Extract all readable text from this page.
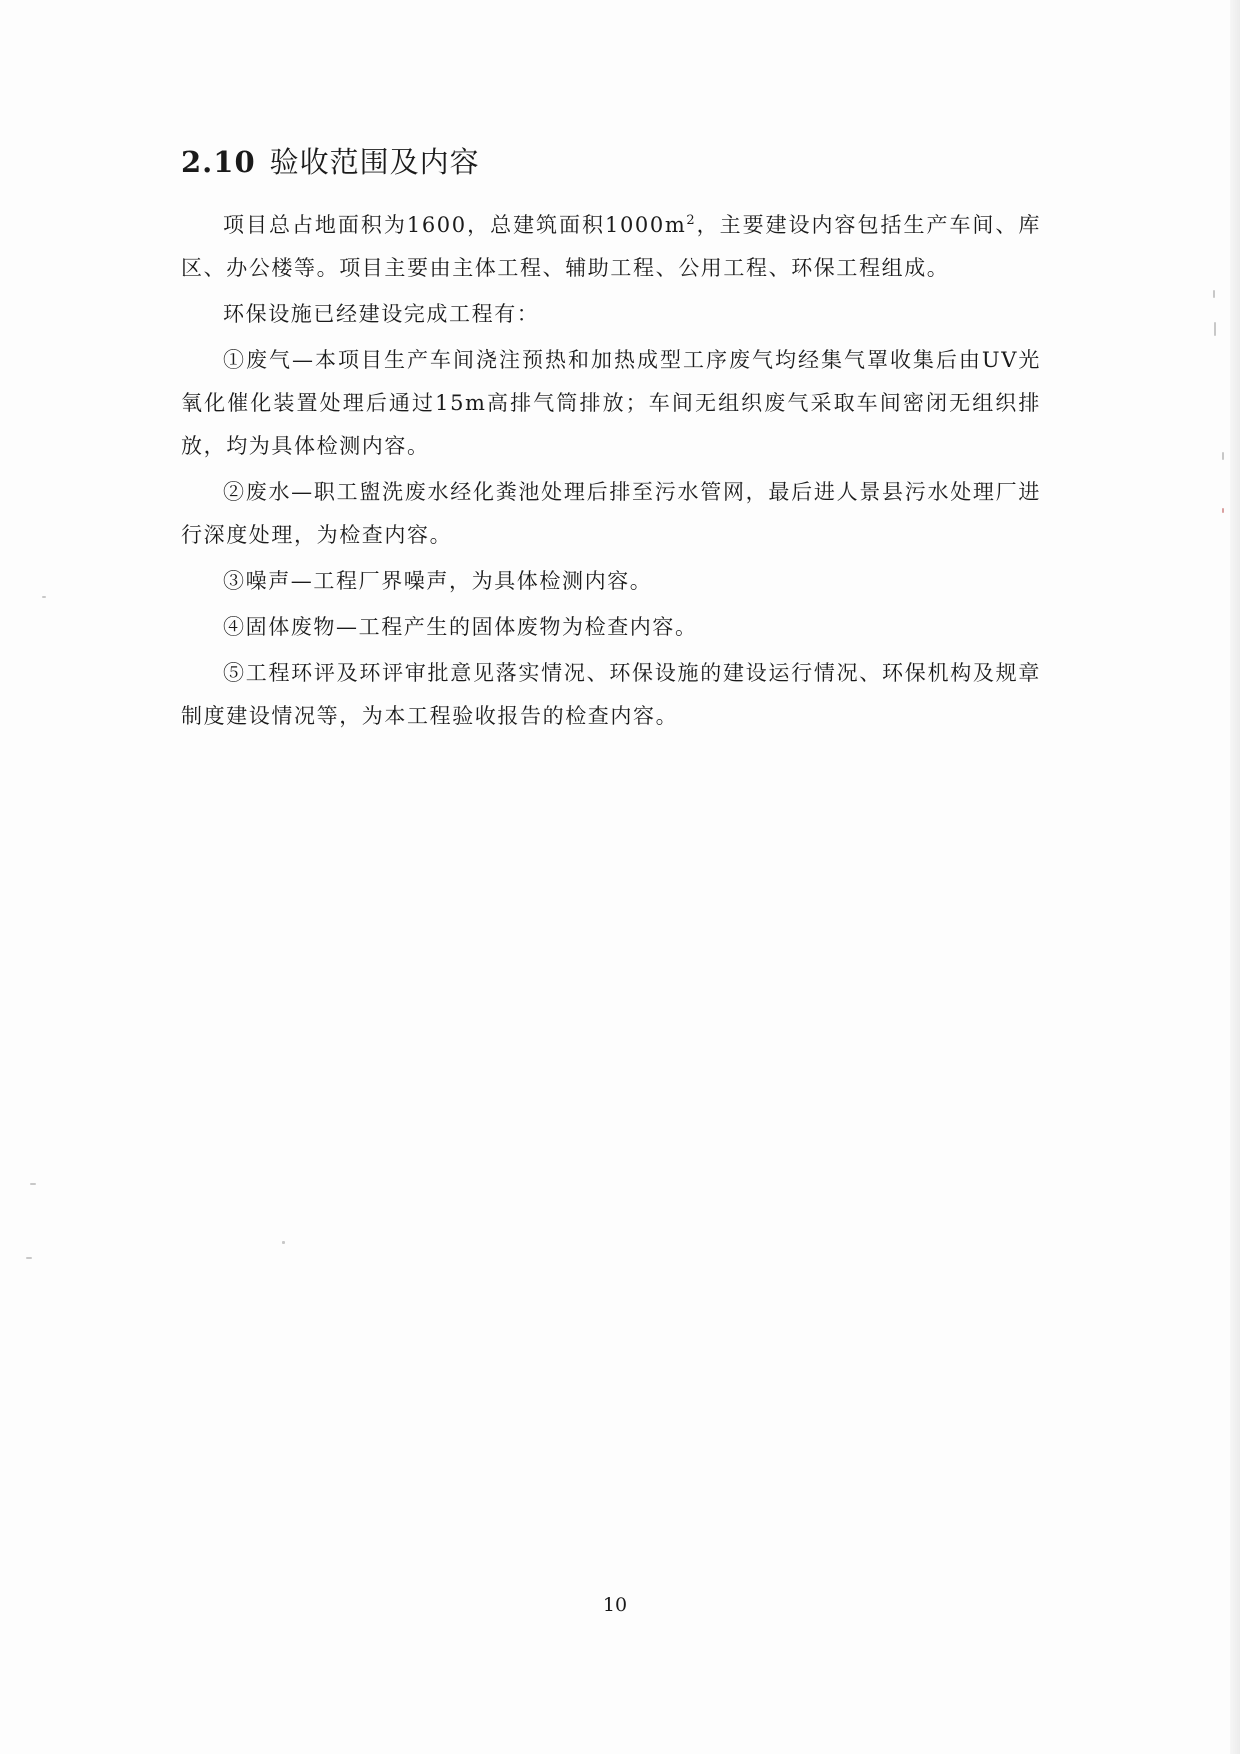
2.10 验收范围及内容

项目总占地面积为1600，总建筑面积$1000m^2$，主要建设内容包括生产车间、库区、办公楼等。项目主要由主体工程、辅助工程、公用工程、环保工程组成。

环保设施已经建设完成工程有：

①废气—本项目生产车间浇注预热和加热成型工序废气均经集气罩收集后由UV光氧化催化装置处理后通过15m高排气筒排放；车间无组织废气采取车间密闭无组织排放，均为具体检测内容。

②废水—职工盥洗废水经化粪池处理后排至污水管网，最后进人景县污水处理厂进行深度处理，为检查内容。

③噪声—工程厂界噪声，为具体检测内容。

④固体废物—工程产生的固体废物为检查内容。

⑤工程环评及环评审批意见落实情况、环保设施的建设运行情况、环保机构及规章制度建设情况等，为本工程验收报告的检查内容。

10
